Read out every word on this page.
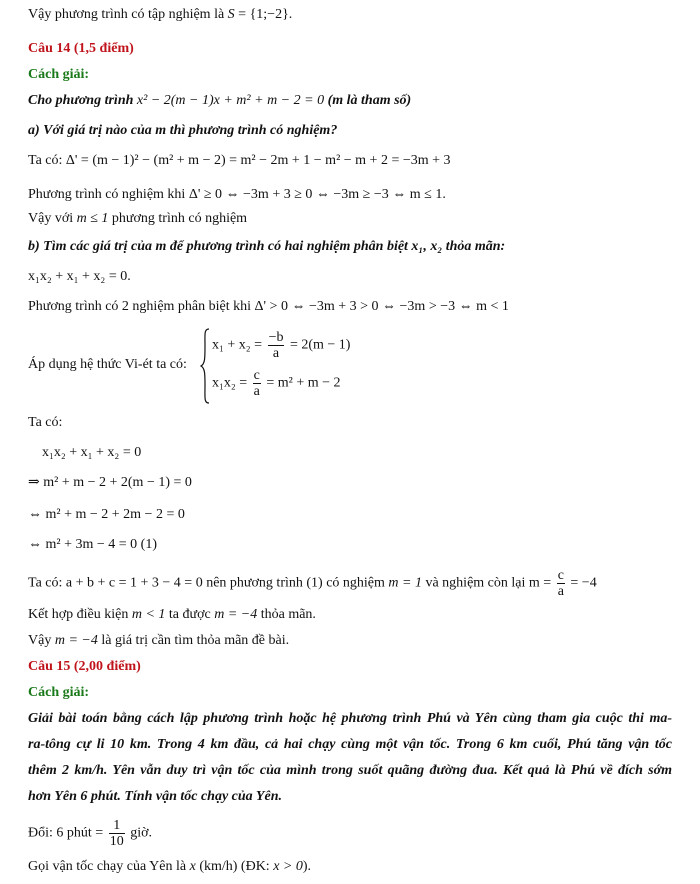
Vậy phương trình có tập nghiệm là S = {1;−2}.
Câu 14 (1,5 điểm)
Cách giải:
Cho phương trình x² − 2(m − 1)x + m² + m − 2 = 0 (m là tham số)
a) Với giá trị nào của m thì phương trình có nghiệm?
Ta có: Δ' = (m − 1)² − (m² + m − 2) = m² − 2m + 1 − m² − m + 2 = −3m + 3
Phương trình có nghiệm khi Δ' ≥ 0 ⇔ −3m + 3 ≥ 0 ⇔ −3m ≥ −3 ⇔ m ≤ 1.
Vậy với m ≤ 1 phương trình có nghiệm
b) Tìm các giá trị của m để phương trình có hai nghiệm phân biệt x₁, x₂ thỏa mãn:
x₁x₂ + x₁ + x₂ = 0.
Phương trình có 2 nghiệm phân biệt khi Δ' > 0 ⇔ −3m + 3 > 0 ⇔ −3m > −3 ⇔ m < 1
Áp dụng hệ thức Vi-ét ta có:
$x_1 + x_2 = \frac{-b}{a} = 2(m - 1)$
$x_1x_2 = \frac{c}{a} = m^2 + m - 2$
Ta có:
x₁x₂ + x₁ + x₂ = 0
⇒ m² + m − 2 + 2(m − 1) = 0
⇔ m² + m − 2 + 2m − 2 = 0
⇔ m² + 3m − 4 = 0 (1)
Ta có: a + b + c = 1 + 3 − 4 = 0 nên phương trình (1) có nghiệm m = 1 và nghiệm còn lại $m = \frac{c}{a} = -4$
Kết hợp điều kiện m < 1 ta được m = −4 thỏa mãn.
Vậy m = −4 là giá trị cần tìm thỏa mãn đề bài.
Câu 15 (2,00 điểm)
Cách giải:
Giải bài toán bằng cách lập phương trình hoặc hệ phương trình Phú và Yên cùng tham gia cuộc thi ma-
ra-tông cự li 10 km. Trong 4 km đầu, cả hai chạy cùng một vận tốc. Trong 6 km cuối, Phú tăng vận tốc
thêm 2 km/h. Yên vẫn duy trì vận tốc của mình trong suốt quãng đường đua. Kết quả là Phú về đích sớm
hơn Yên 6 phút. Tính vận tốc chạy của Yên.
Đổi: 6 phút = $\frac{1}{10}$ giờ.
Gọi vận tốc chạy của Yên là x (km/h) (ĐK: x > 0).
